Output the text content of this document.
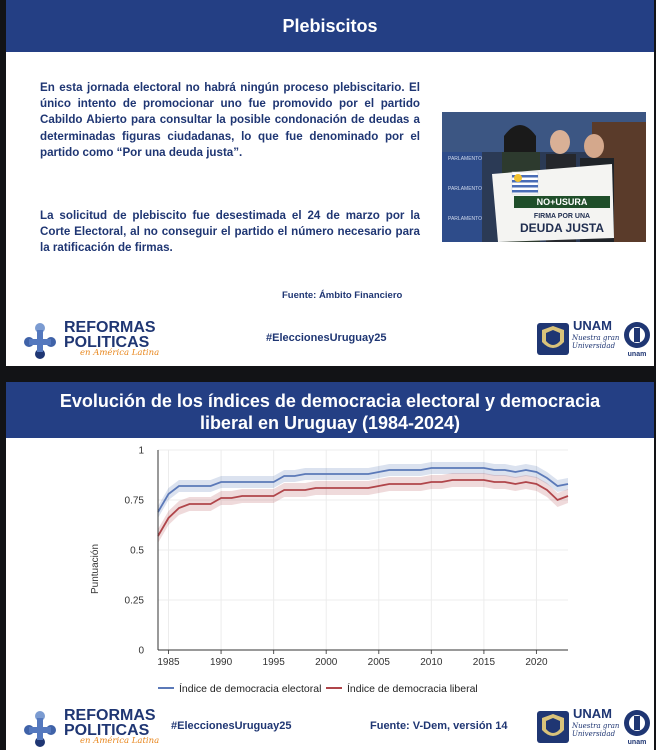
Plebiscitos
En esta jornada electoral no habrá ningún proceso plebiscitario. El único intento de promocionar uno fue promovido por el partido Cabildo Abierto para consultar la posible condonación de deudas a determinadas figuras ciudadanas, lo que fue denominado por el partido como “Por una deuda justa”.
La solicitud de plebiscito fue desestimada el 24 de marzo por la Corte Electoral, al no conseguir el partido el número necesario para la ratificación de firmas.
Fuente: Ámbito Financiero
PARLAMENTO
PARLAMENTO
PARLAMENTO
NO+USURA
FIRMA POR UNA
DEUDA JUSTA
REFORMAS
POLITICAS
en América Latina
#EleccionesUruguay25
UNAM
Nuestra gran
Universidad
unam
Evolución de los índices de democracia electoral y democracia
liberal en Uruguay (1984-2024)
0
0.25
0.5
0.75
1
1985	1990	1995	2000	2005	2010	2015	2020
Puntuación
Índice de democracia electoral Índice de democracia liberal
REFORMAS
POLITICAS
en América Latina
#EleccionesUruguay25	Fuente: V-Dem, versión 14
UNAM
Nuestra gran
Universidad
unam
